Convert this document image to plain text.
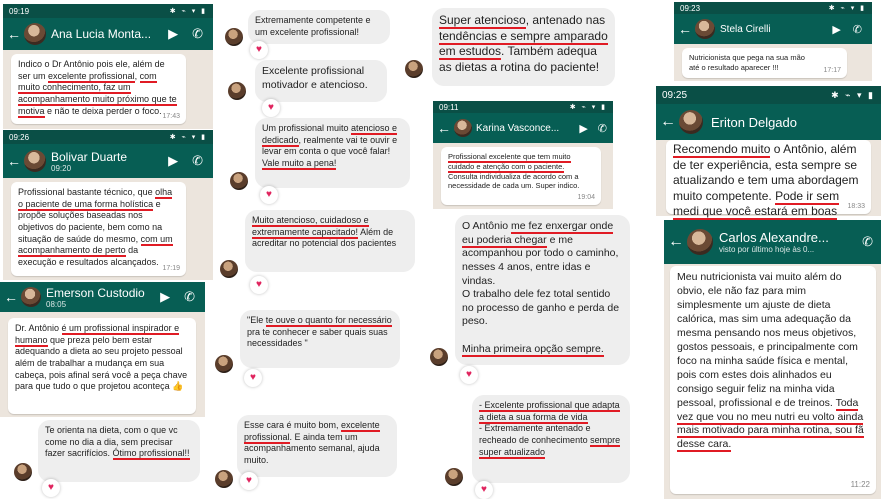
09:19	✱ ⌁ ▾ ▮
←	Ana Lucia Monta... ▶ ✆
Indico o Dr Antônio pois ele, além de ser um excelente profissional, com muito conhecimento, faz um acompanhamento muito próximo que te motiva e não te deixa perder o foco.
17:43
09:26	✱ ⌁ ▾ ▮
←	Bolivar Duarte
09:20	▶ ✆
Profissional bastante técnico, que olha o paciente de uma forma holística e propõe soluções baseadas nos objetivos do paciente, bem como na situação de saúde do mesmo, com um acompanhamento de perto da execução e resultados alcançados.
17:19
← Emerson Custodio
08:05	▶ ✆
Dr. Antônio é um profissional inspirador e humano que preza pelo bem estar adequando a dieta ao seu projeto pessoal além de trabalhar a mudança em sua cabeça, pois afinal será você a peça chave para que tudo o que projetou aconteça 👍
Te orienta na dieta, com o que vc come no dia a dia, sem precisar fazer sacrifícios. Ótimo profissional!!
♥
Extremamente competente e um excelente profissional!
♥
Excelente profissional motivador e atencioso.
♥
Um profissional muito atencioso e dedicado, realmente vai te ouvir e levar em conta o que você falar!
Vale muito a pena!
♥
Muito atencioso, cuidadoso e extremamente capacitado! Além de acreditar no potencial dos pacientes
♥
"Ele te ouve o quanto for necessário pra te conhecer e saber quais suas necessidades "
♥
Esse cara é muito bom, excelente profissional. E ainda tem um acompanhamento semanal, ajuda muito.
♥
Super atencioso, antenado nas tendências e sempre amparado em estudos. Também adequa as dietas a rotina do paciente!
09:11	✱ ⌁ ▾ ▮
←	Karina Vasconce... ▶ ✆
Profissional excelente que tem muito cuidado e atenção com o paciente. Consulta individualiza de acordo com a necessidade de cada um. Super indico.
19:04
O Antônio me fez enxergar onde eu poderia chegar e me acompanhou por todo o caminho, nesses 4 anos, entre idas e vindas.
O trabalho dele fez total sentido no processo de ganho e perda de peso.

Minha primeira opção sempre.
♥
- Excelente profissional que adapta a dieta a sua forma de vida
- Extremamente antenado e recheado de conhecimento sempre super atualizado
♥
09:23	✱ ⌁ ▾ ▮
←	Stela Cirelli	▶ ✆
Nutricionista que pega na sua mão até o resultado aparecer !!!	17:17
09:25	✱ ⌁ ▾ ▮
←	Eriton Delgado
Recomendo muito o Antônio, além de ter experiência, esta sempre se atualizando e tem uma abordagem muito competente. Pode ir sem medi que você estará em boas 18:33
←	Carlos Alexandre...
visto por último hoje às 0...
✆
Meu nutricionista vai muito além do obvio, ele não faz para mim simplesmente um ajuste de dieta calórica, mas sim uma adequação da mesma pensando nos meus objetivos, gostos pessoais, e principalmente com foco na minha saúde física e mental, pois com estes dois alinhados eu consigo seguir feliz na minha vida pessoal, profissional e de treinos. Toda vez que vou no meu nutri eu volto ainda mais motivado para minha rotina, sou fã desse cara.
11:22
